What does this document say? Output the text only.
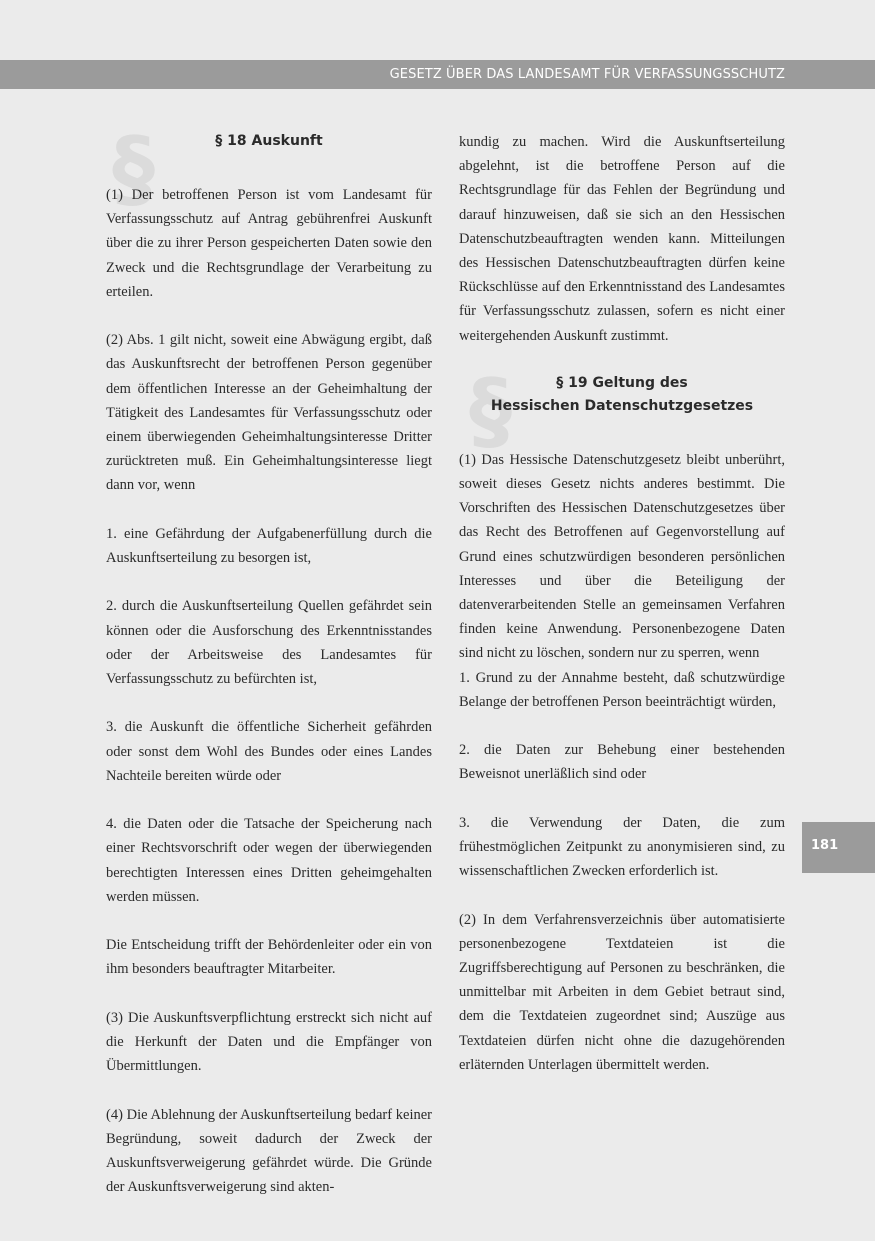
GESETZ ÜBER DAS LANDESAMT FÜR VERFASSUNGSSCHUTZ
181
§	§ 18 Auskunft

(1) Der betroffenen Person ist vom Landesamt für Verfassungsschutz auf Antrag gebührenfrei Auskunft über die zu ihrer Person gespeicherten Daten sowie den Zweck und die Rechtsgrundlage der Verarbeitung zu erteilen.

(2) Abs. 1 gilt nicht, soweit eine Abwägung ergibt, daß das Auskunftsrecht der betroffenen Person gegenüber dem öffentlichen Interesse an der Geheimhaltung der Tätigkeit des Landesamtes für Verfassungsschutz oder einem überwiegenden Geheimhaltungsinteresse Dritter zurücktreten muß. Ein Geheimhaltungsinteresse liegt dann vor, wenn

1. eine Gefährdung der Aufgabenerfüllung durch die Auskunftserteilung zu besorgen ist,

2. durch die Auskunftserteilung Quellen gefährdet sein können oder die Ausforschung des Erkenntnisstandes oder der Arbeitsweise des Landesamtes für Verfassungsschutz zu befürchten ist,

3. die Auskunft die öffentliche Sicherheit gefährden oder sonst dem Wohl des Bundes oder eines Landes Nachteile bereiten würde oder

4. die Daten oder die Tatsache der Speicherung nach einer Rechtsvorschrift oder wegen der überwiegenden berechtigten Interessen eines Dritten geheimgehalten werden müssen.

Die Entscheidung trifft der Behördenleiter oder ein von ihm besonders beauftragter Mitarbeiter.

(3) Die Auskunftsverpflichtung erstreckt sich nicht auf die Herkunft der Daten und die Empfänger von Übermittlungen.

(4) Die Ablehnung der Auskunftserteilung bedarf keiner Begründung, soweit dadurch der Zweck der Auskunftsverweigerung gefährdet würde. Die Gründe der Auskunftsverweigerung sind akten-

kundig zu machen. Wird die Auskunftserteilung abgelehnt, ist die betroffene Person auf die Rechtsgrundlage für das Fehlen der Begründung und darauf hinzuweisen, daß sie sich an den Hessischen Datenschutzbeauftragten wenden kann. Mitteilungen des Hessischen Datenschutzbeauftragten dürfen keine Rückschlüsse auf den Erkenntnisstand des Landesamtes für Verfassungsschutz zulassen, sofern es nicht einer weitergehenden Auskunft zustimmt.

§	§ 19 Geltung des
Hessischen Datenschutzgesetzes

(1) Das Hessische Datenschutzgesetz bleibt unberührt, soweit dieses Gesetz nichts anderes bestimmt. Die Vorschriften des Hessischen Datenschutzgesetzes über das Recht des Betroffenen auf Gegenvorstellung auf Grund eines schutzwürdigen besonderen persönlichen Interesses und über die Beteiligung der datenverarbeitenden Stelle an gemeinsamen Verfahren finden keine Anwendung. Personenbezogene Daten sind nicht zu löschen, sondern nur zu sperren, wenn

1. Grund zu der Annahme besteht, daß schutzwürdige Belange der betroffenen Person beeinträchtigt würden,

2. die Daten zur Behebung einer bestehenden Beweisnot unerläßlich sind oder

3. die Verwendung der Daten, die zum frühestmöglichen Zeitpunkt zu anonymisieren sind, zu wissenschaftlichen Zwecken erforderlich ist.

(2) In dem Verfahrensverzeichnis über automatisierte personenbezogene Textdateien ist die Zugriffsberechtigung auf Personen zu beschränken, die unmittelbar mit Arbeiten in dem Gebiet betraut sind, dem die Textdateien zugeordnet sind; Auszüge aus Textdateien dürfen nicht ohne die dazugehörenden erläternden Unterlagen übermittelt werden.
